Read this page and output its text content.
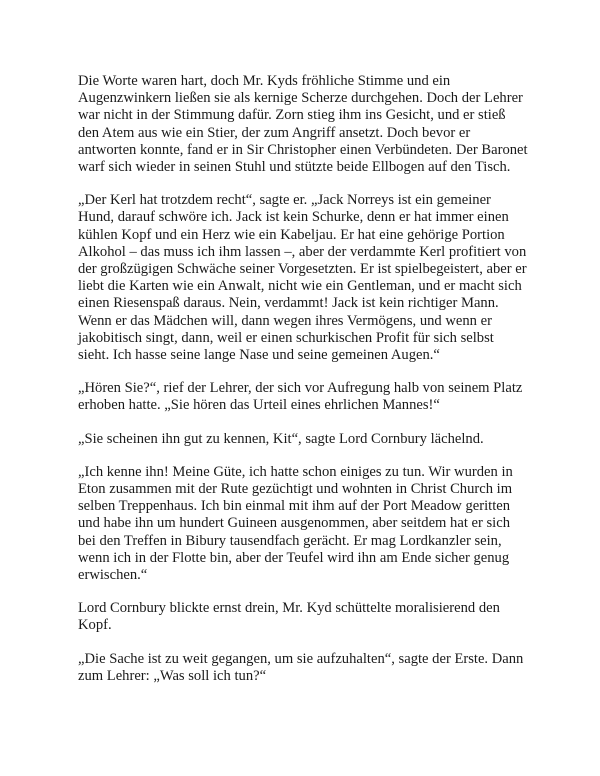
Die Worte waren hart, doch Mr. Kyds fröhliche Stimme und ein Augenzwinkern ließen sie als kernige Scherze durchgehen. Doch der Lehrer war nicht in der Stimmung dafür. Zorn stieg ihm ins Gesicht, und er stieß den Atem aus wie ein Stier, der zum Angriff ansetzt. Doch bevor er antworten konnte, fand er in Sir Christopher einen Verbündeten. Der Baronet warf sich wieder in seinen Stuhl und stützte beide Ellbogen auf den Tisch.

„Der Kerl hat trotzdem recht“, sagte er. „Jack Norreys ist ein gemeiner Hund, darauf schwöre ich. Jack ist kein Schurke, denn er hat immer einen kühlen Kopf und ein Herz wie ein Kabeljau. Er hat eine gehörige Portion Alkohol – das muss ich ihm lassen –, aber der verdammte Kerl profitiert von der großzügigen Schwäche seiner Vorgesetzten. Er ist spielbegeistert, aber er liebt die Karten wie ein Anwalt, nicht wie ein Gentleman, und er macht sich einen Riesenspaß daraus. Nein, verdammt! Jack ist kein richtiger Mann. Wenn er das Mädchen will, dann wegen ihres Vermögens, und wenn er jakobitisch singt, dann, weil er einen schurkischen Profit für sich selbst sieht. Ich hasse seine lange Nase und seine gemeinen Augen.“

„Hören Sie?“, rief der Lehrer, der sich vor Aufregung halb von seinem Platz erhoben hatte. „Sie hören das Urteil eines ehrlichen Mannes!“

„Sie scheinen ihn gut zu kennen, Kit“, sagte Lord Cornbury lächelnd.

„Ich kenne ihn! Meine Güte, ich hatte schon einiges zu tun. Wir wurden in Eton zusammen mit der Rute gezüchtigt und wohnten in Christ Church im selben Treppenhaus. Ich bin einmal mit ihm auf der Port Meadow geritten und habe ihn um hundert Guineen ausgenommen, aber seitdem hat er sich bei den Treffen in Bibury tausendfach gerächt. Er mag Lordkanzler sein, wenn ich in der Flotte bin, aber der Teufel wird ihn am Ende sicher genug erwischen.“

Lord Cornbury blickte ernst drein, Mr. Kyd schüttelte moralisierend den Kopf.

„Die Sache ist zu weit gegangen, um sie aufzuhalten“, sagte der Erste. Dann zum Lehrer: „Was soll ich tun?“
